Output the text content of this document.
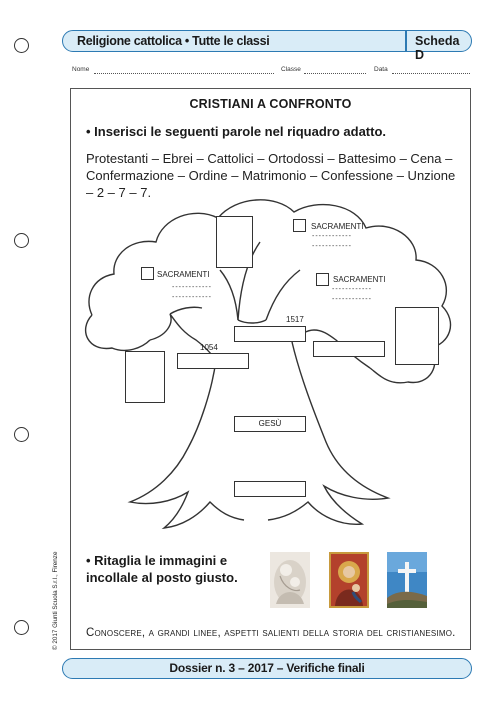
Religione cattolica • Tutte le classi	Scheda D
Nome	Classe	Data
© 2017 Giunti Scuola S.r.l., Firenze
CRISTIANI A CONFRONTO
• Inserisci le seguenti parole nel riquadro adatto.
Protestanti – Ebrei – Cattolici – Ortodossi – Battesimo – Cena – Confermazione – Ordine – Matrimonio – Confessione – Unzione – 2 – 7 – 7.
SACRAMENTI
------------
------------
SACRAMENTI
------------
------------
SACRAMENTI
------------
------------
1517
1054
GESÙ
• Ritaglia le immagini e
incollale al posto giusto.
Conoscere, a grandi linee, aspetti salienti della storia del cristianesimo.
Dossier n. 3 – 2017 – Verifiche finali
